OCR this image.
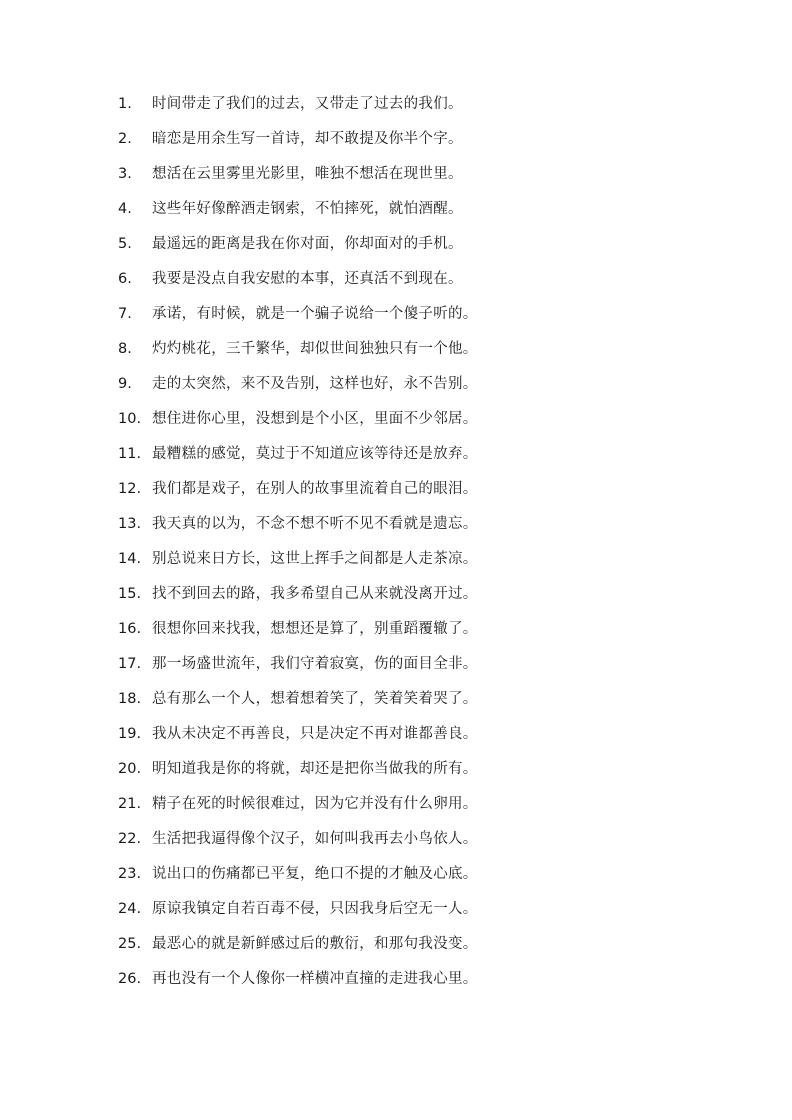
1. 时间带走了我们的过去，又带走了过去的我们。
2. 暗恋是用余生写一首诗，却不敢提及你半个字。
3. 想活在云里雾里光影里，唯独不想活在现世里。
4. 这些年好像醉酒走钢索，不怕摔死，就怕酒醒。
5. 最遥远的距离是我在你对面，你却面对的手机。
6. 我要是没点自我安慰的本事，还真活不到现在。
7. 承诺，有时候，就是一个骗子说给一个傻子听的。
8. 灼灼桃花，三千繁华，却似世间独独只有一个他。
9. 走的太突然，来不及告别，这样也好，永不告别。
10. 想住进你心里，没想到是个小区，里面不少邻居。
11. 最糟糕的感觉，莫过于不知道应该等待还是放弃。
12. 我们都是戏子，在别人的故事里流着自己的眼泪。
13. 我天真的以为，不念不想不听不见不看就是遗忘。
14. 别总说来日方长，这世上挥手之间都是人走茶凉。
15. 找不到回去的路，我多希望自己从来就没离开过。
16. 很想你回来找我，想想还是算了，别重蹈覆辙了。
17. 那一场盛世流年，我们守着寂寞，伤的面目全非。
18. 总有那么一个人，想着想着笑了，笑着笑着哭了。
19. 我从未决定不再善良，只是决定不再对谁都善良。
20. 明知道我是你的将就，却还是把你当做我的所有。
21. 精子在死的时候很难过，因为它并没有什么卵用。
22. 生活把我逼得像个汉子，如何叫我再去小鸟依人。
23. 说出口的伤痛都已平复，绝口不提的才触及心底。
24. 原谅我镇定自若百毒不侵，只因我身后空无一人。
25. 最恶心的就是新鲜感过后的敷衍，和那句我没变。
26. 再也没有一个人像你一样横冲直撞的走进我心里。
